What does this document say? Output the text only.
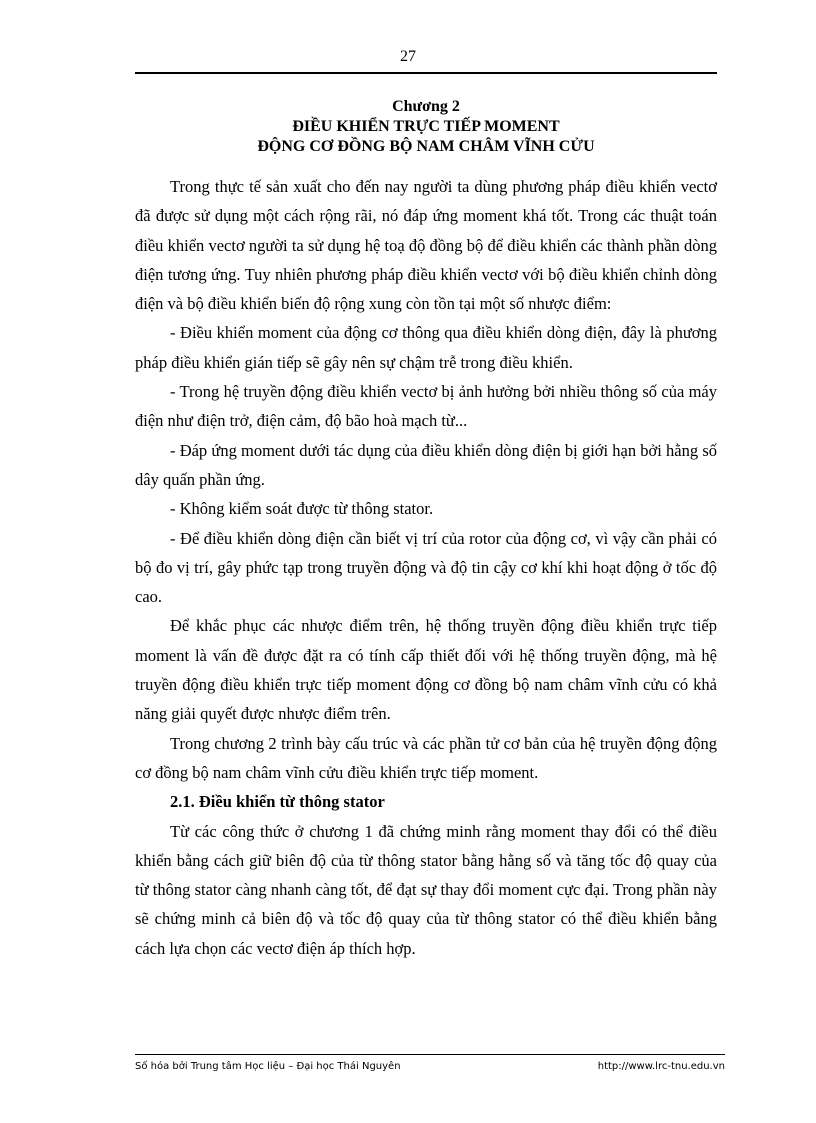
27
Chương 2
ĐIỀU KHIỂN TRỰC TIẾP MOMENT
ĐỘNG CƠ ĐỒNG BỘ NAM CHÂM VĨNH CỬU

Trong thực tế sản xuất cho đến nay người ta dùng phương pháp điều khiển vectơ đã được sử dụng một cách rộng rãi, nó đáp ứng moment khá tốt. Trong các thuật toán điều khiển vectơ người ta sử dụng hệ toạ độ đồng bộ để điều khiển các thành phần dòng điện tương ứng. Tuy nhiên phương pháp điều khiển vectơ với bộ điều khiển chỉnh dòng điện và bộ điều khiển biến độ rộng xung còn tồn tại một số nhược điểm:

- Điều khiển moment của động cơ thông qua điều khiển dòng điện, đây là phương pháp điều khiển gián tiếp sẽ gây nên sự chậm trễ trong điều khiển.

- Trong hệ truyền động điều khiển vectơ bị ảnh hưởng bởi nhiều thông số của máy điện như điện trở, điện cảm, độ bão hoà mạch từ...

- Đáp ứng moment dưới tác dụng của điều khiển dòng điện bị giới hạn bởi hằng số dây quấn phần ứng.

- Không kiểm soát được từ thông stator.

- Để điều khiển dòng điện cần biết vị trí của rotor của động cơ, vì vậy cần phải có bộ đo vị trí, gây phức tạp trong truyền động và độ tin cậy cơ khí khi hoạt động ở tốc độ cao.

Để khắc phục các nhược điểm trên, hệ thống truyền động điều khiển trực tiếp moment là vấn đề được đặt ra có tính cấp thiết đối với hệ thống truyền động, mà hệ truyền động điều khiển trực tiếp moment động cơ đồng bộ nam châm vĩnh cửu có khả năng giải quyết được nhược điểm trên.

Trong chương 2 trình bày cấu trúc và các phần tử cơ bản của hệ truyền động động cơ đồng bộ nam châm vĩnh cửu điều khiển trực tiếp moment.

2.1. Điều khiển từ thông stator

Từ các công thức ở chương 1 đã chứng minh rằng moment thay đổi có thể điều khiển bằng cách giữ biên độ của từ thông stator bằng hằng số và tăng tốc độ quay của từ thông stator càng nhanh càng tốt, để đạt sự thay đổi moment cực đại. Trong phần này sẽ chứng minh cả biên độ và tốc độ quay của từ thông stator có thể điều khiển bằng cách lựa chọn các vectơ điện áp thích hợp.

Số hóa bởi Trung tâm Học liệu – Đại học Thái Nguyên	http://www.lrc-tnu.edu.vn
